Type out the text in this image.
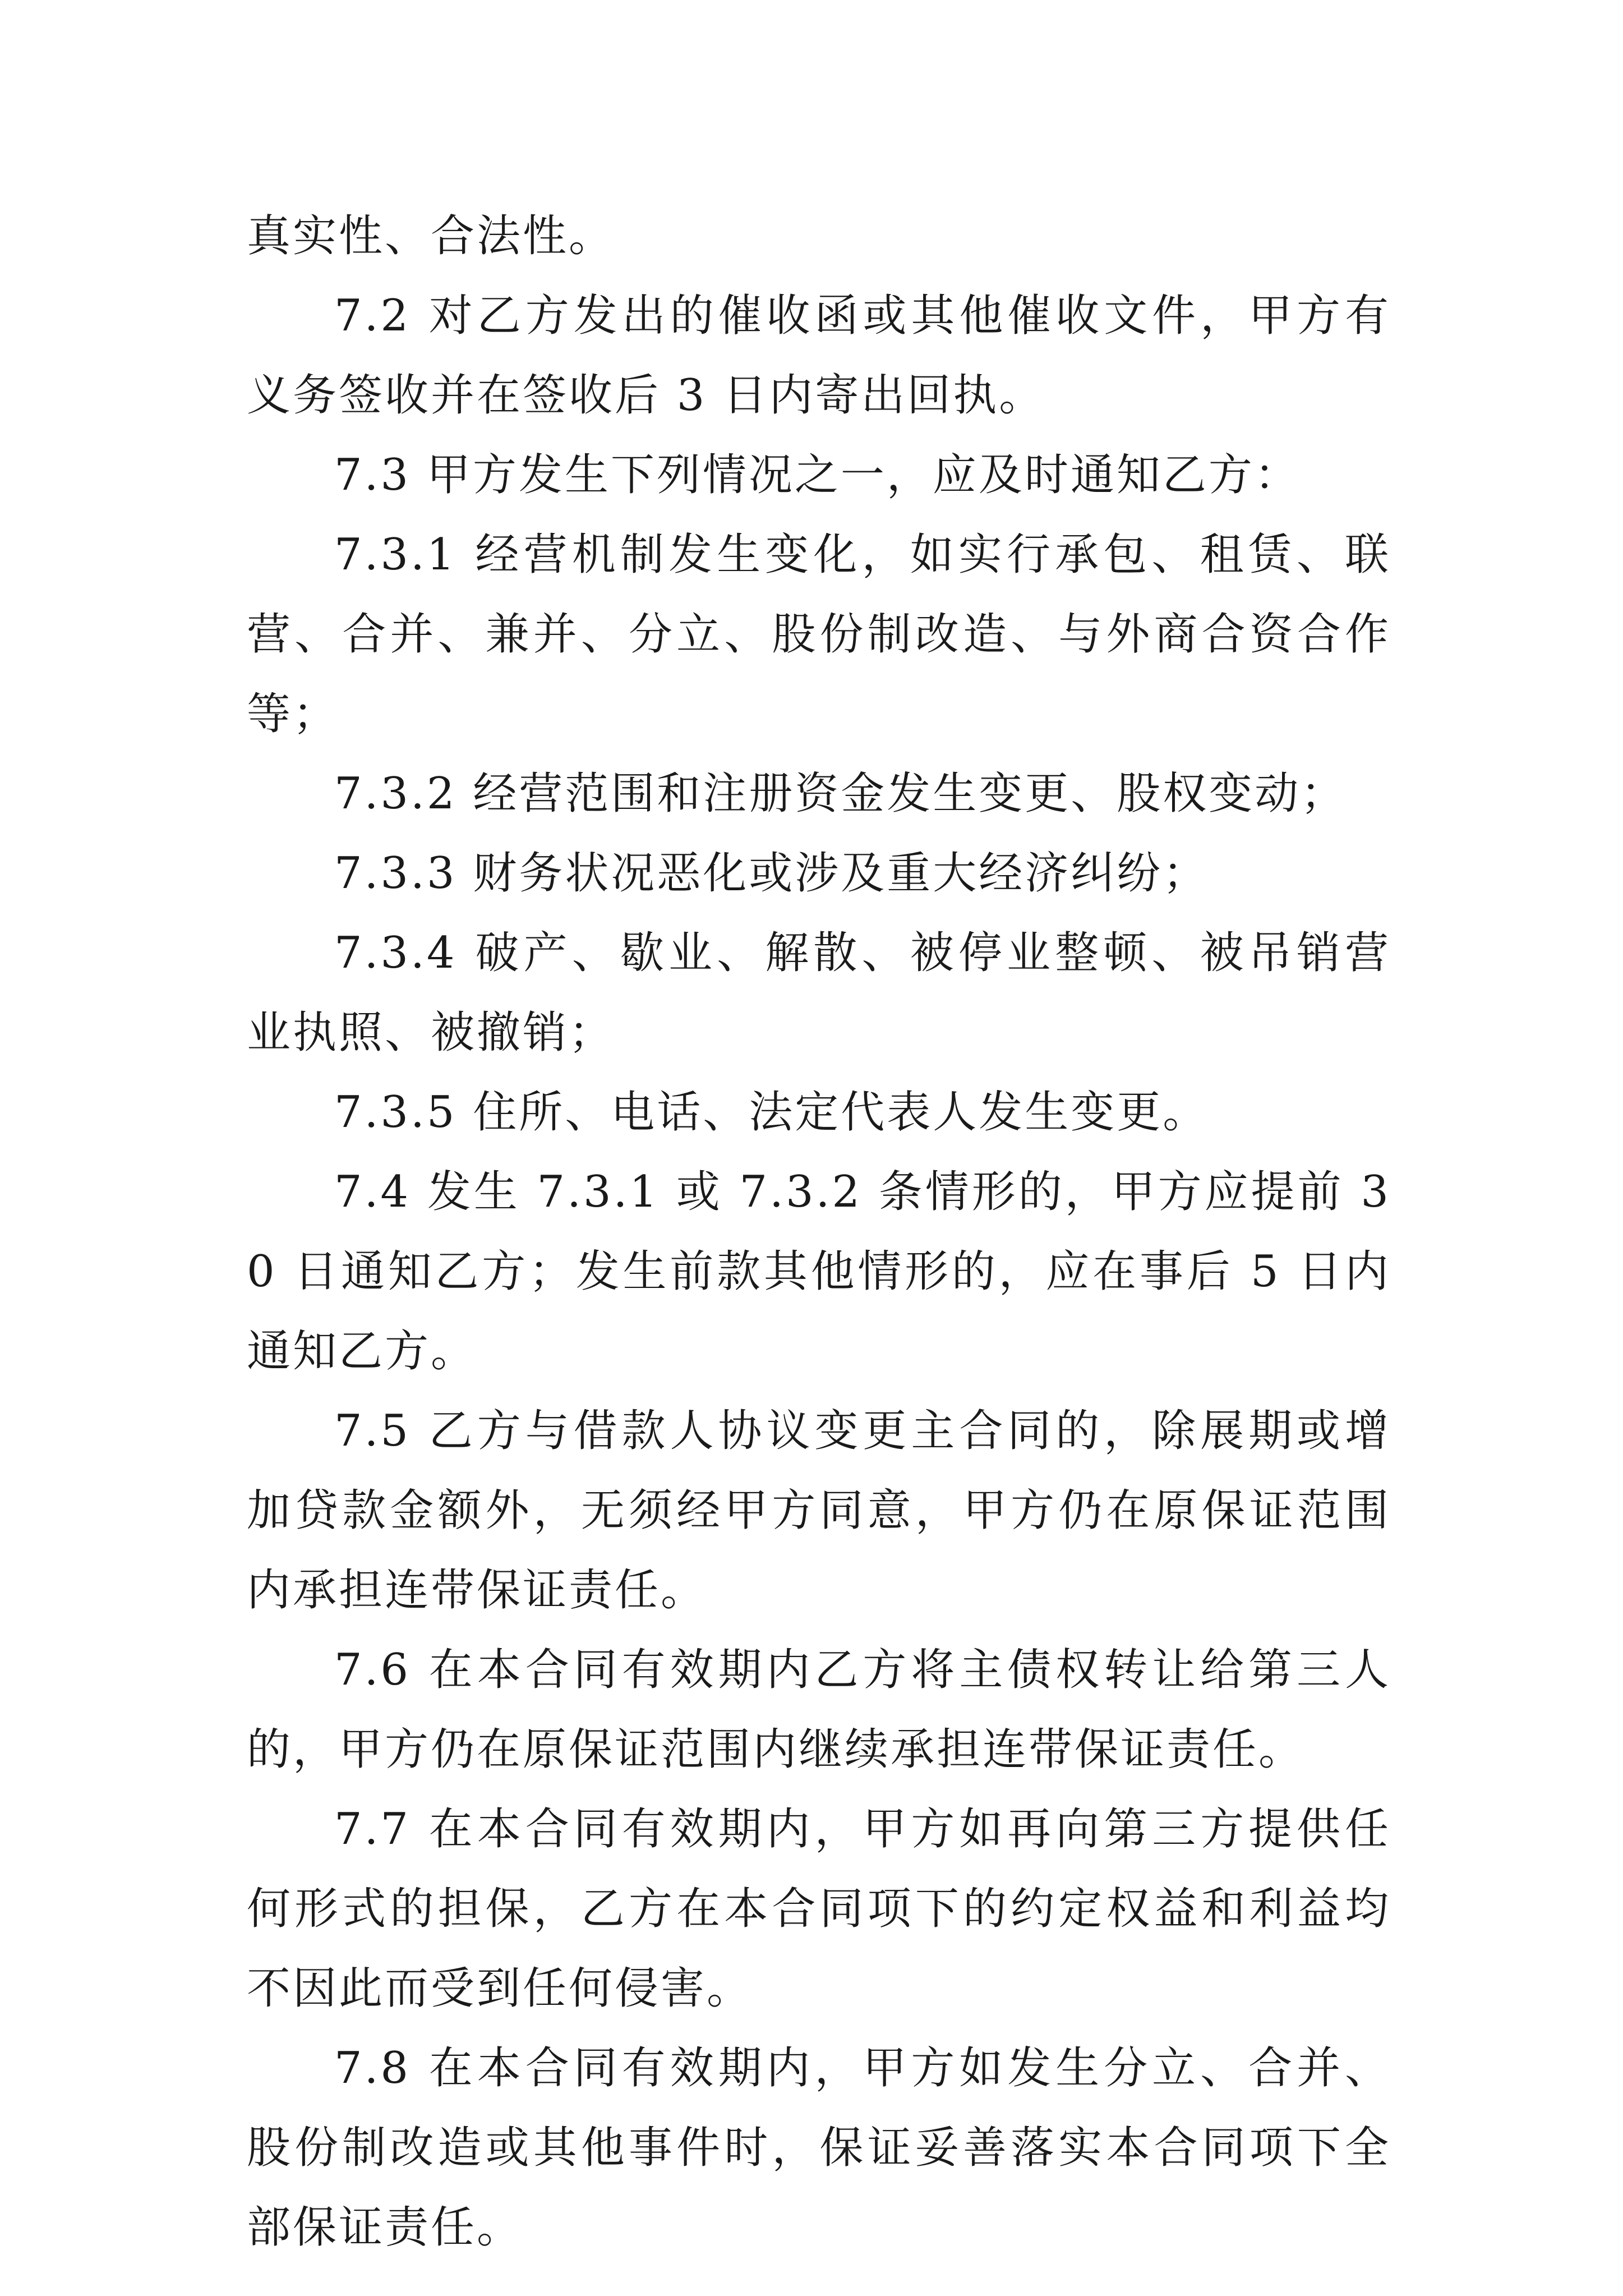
真实性、合法性。

7.2 对乙方发出的催收函或其他催收文件，甲方有义务签收并在签收后 3 日内寄出回执。

7.3 甲方发生下列情况之一，应及时通知乙方：

7.3.1 经营机制发生变化，如实行承包、租赁、联营、合并、兼并、分立、股份制改造、与外商合资合作等；

7.3.2 经营范围和注册资金发生变更、股权变动；

7.3.3 财务状况恶化或涉及重大经济纠纷；

7.3.4 破产、歇业、解散、被停业整顿、被吊销营业执照、被撤销；

7.3.5 住所、电话、法定代表人发生变更。

7.4 发生 7.3.1 或 7.3.2 条情形的，甲方应提前 30 日通知乙方；发生前款其他情形的，应在事后 5 日内通知乙方。

7.5 乙方与借款人协议变更主合同的，除展期或增加贷款金额外，无须经甲方同意，甲方仍在原保证范围内承担连带保证责任。

7.6 在本合同有效期内乙方将主债权转让给第三人的，甲方仍在原保证范围内继续承担连带保证责任。

7.7 在本合同有效期内，甲方如再向第三方提供任何形式的担保，乙方在本合同项下的约定权益和利益均不因此而受到任何侵害。

7.8 在本合同有效期内，甲方如发生分立、合并、股份制改造或其他事件时，保证妥善落实本合同项下全部保证责任。
